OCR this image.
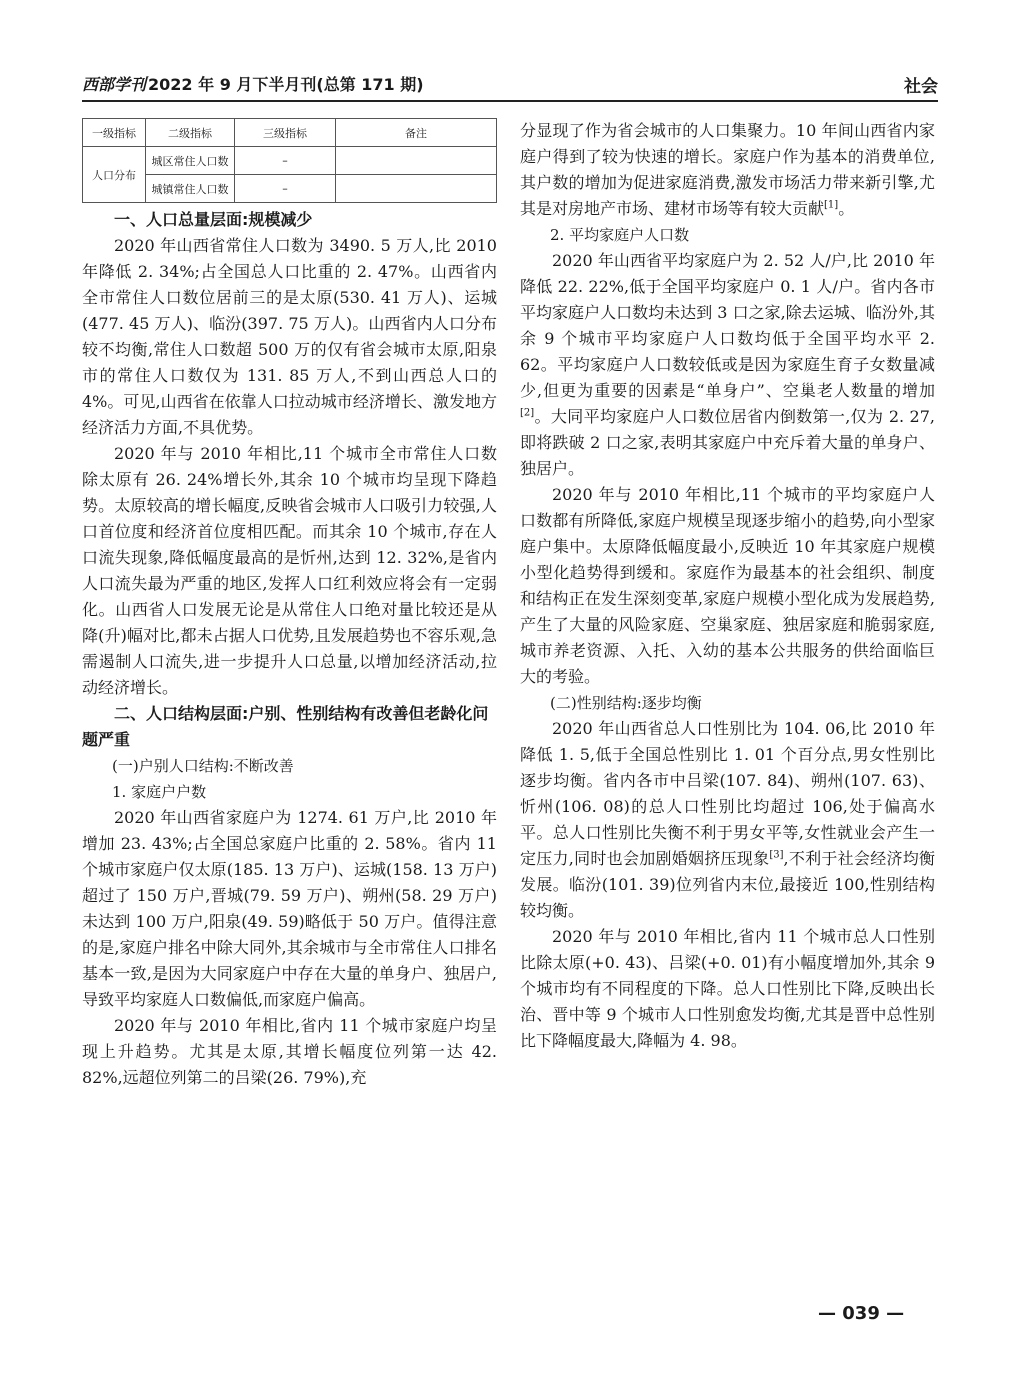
西部学刊 2022 年 9 月下半月刊(总第 171 期)	社会
一级指标	二级指标	三级指标	备注
人口分布	城区常住人口数	–	
	城镇常住人口数	–	
一、人口总量层面:规模减少

2020 年山西省常住人口数为 3490. 5 万人,比 2010 年降低 2. 34%;占全国总人口比重的 2. 47%。山西省内全市常住人口数位居前三的是太原(530. 41 万人)、运城(477. 45 万人)、临汾(397. 75 万人)。山西省内人口分布较不均衡,常住人口数超 500 万的仅有省会城市太原,阳泉市的常住人口数仅为 131. 85 万人,不到山西总人口的 4%。可见,山西省在依靠人口拉动城市经济增长、激发地方经济活力方面,不具优势。

2020 年与 2010 年相比,11 个城市全市常住人口数除太原有 26. 24%增长外,其余 10 个城市均呈现下降趋势。太原较高的增长幅度,反映省会城市人口吸引力较强,人口首位度和经济首位度相匹配。而其余 10 个城市,存在人口流失现象,降低幅度最高的是忻州,达到 12. 32%,是省内人口流失最为严重的地区,发挥人口红利效应将会有一定弱化。山西省人口发展无论是从常住人口绝对量比较还是从降(升)幅对比,都未占据人口优势,且发展趋势也不容乐观,急需遏制人口流失,进一步提升人口总量,以增加经济活动,拉动经济增长。

二、人口结构层面:户别、性别结构有改善但老龄化问题严重
(一)户别人口结构:不断改善
1. 家庭户户数

2020 年山西省家庭户为 1274. 61 万户,比 2010 年增加 23. 43%;占全国总家庭户比重的 2. 58%。省内 11 个城市家庭户仅太原(185. 13 万户)、运城(158. 13 万户)超过了 150 万户,晋城(79. 59 万户)、朔州(58. 29 万户)未达到 100 万户,阳泉(49. 59)略低于 50 万户。值得注意的是,家庭户排名中除大同外,其余城市与全市常住人口排名基本一致,是因为大同家庭户中存在大量的单身户、独居户,导致平均家庭人口数偏低,而家庭户偏高。

2020 年与 2010 年相比,省内 11 个城市家庭户均呈现上升趋势。尤其是太原,其增长幅度位列第一达 42. 82%,远超位列第二的吕梁(26. 79%),充

分显现了作为省会城市的人口集聚力。10 年间山西省内家庭户得到了较为快速的增长。家庭户作为基本的消费单位,其户数的增加为促进家庭消费,激发市场活力带来新引擎,尤其是对房地产市场、建材市场等有较大贡献[1]。

2. 平均家庭户人口数

2020 年山西省平均家庭户为 2. 52 人/户,比 2010 年降低 22. 22%,低于全国平均家庭户 0. 1 人/户。省内各市平均家庭户人口数均未达到 3 口之家,除去运城、临汾外,其余 9 个城市平均家庭户人口数均低于全国平均水平 2. 62。平均家庭户人口数较低或是因为家庭生育子女数量减少,但更为重要的因素是“单身户”、空巢老人数量的增加[2]。大同平均家庭户人口数位居省内倒数第一,仅为 2. 27,即将跌破 2 口之家,表明其家庭户中充斥着大量的单身户、独居户。

2020 年与 2010 年相比,11 个城市的平均家庭户人口数都有所降低,家庭户规模呈现逐步缩小的趋势,向小型家庭户集中。太原降低幅度最小,反映近 10 年其家庭户规模小型化趋势得到缓和。家庭作为最基本的社会组织、制度和结构正在发生深刻变革,家庭户规模小型化成为发展趋势,产生了大量的风险家庭、空巢家庭、独居家庭和脆弱家庭,城市养老资源、入托、入幼的基本公共服务的供给面临巨大的考验。

(二)性别结构:逐步均衡

2020 年山西省总人口性别比为 104. 06,比 2010 年降低 1. 5,低于全国总性别比 1. 01 个百分点,男女性别比逐步均衡。省内各市中吕梁(107. 84)、朔州(107. 63)、忻州(106. 08)的总人口性别比均超过 106,处于偏高水平。总人口性别比失衡不利于男女平等,女性就业会产生一定压力,同时也会加剧婚姻挤压现象[3],不利于社会经济均衡发展。临汾(101. 39)位列省内末位,最接近 100,性别结构较均衡。

2020 年与 2010 年相比,省内 11 个城市总人口性别比除太原(+0. 43)、吕梁(+0. 01)有小幅度增加外,其余 9 个城市均有不同程度的下降。总人口性别比下降,反映出长治、晋中等 9 个城市人口性别愈发均衡,尤其是晋中总性别比下降幅度最大,降幅为 4. 98。

— 039 —
